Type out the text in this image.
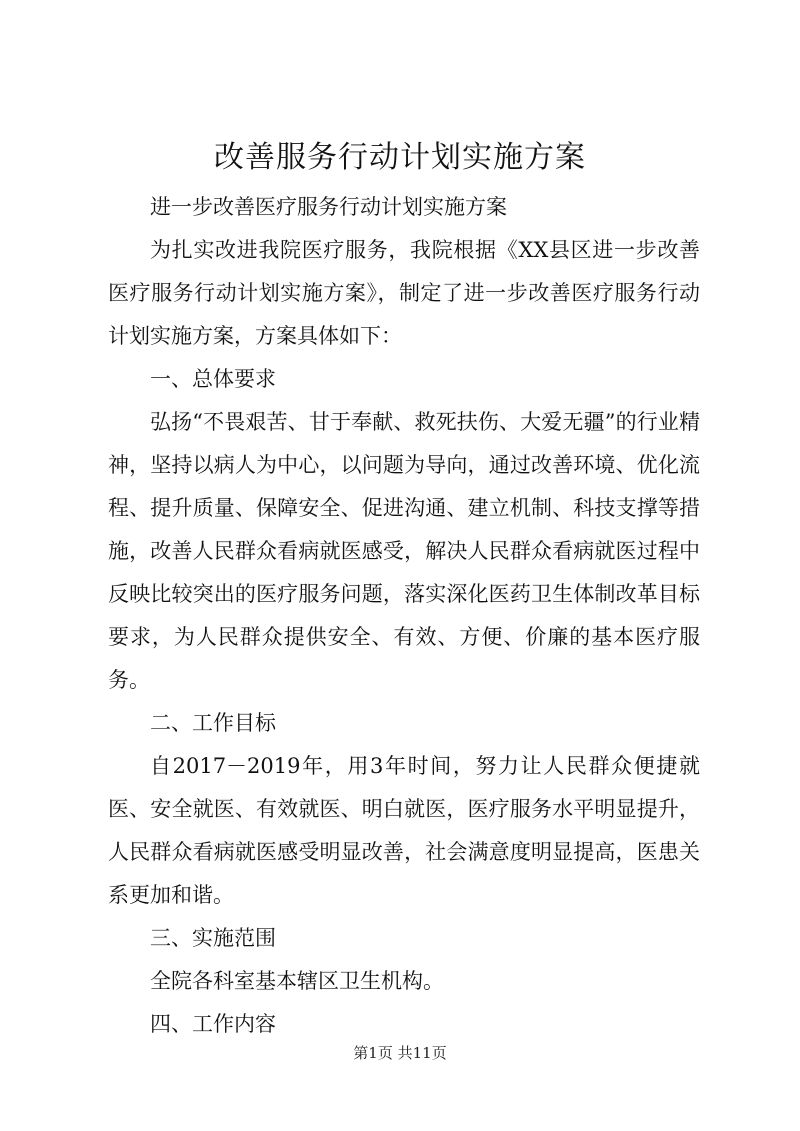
改善服务行动计划实施方案

进一步改善医疗服务行动计划实施方案

为扎实改进我院医疗服务，我院根据《XX县区进一步改善医疗服务行动计划实施方案》，制定了进一步改善医疗服务行动计划实施方案，方案具体如下：

一、总体要求

弘扬“不畏艰苦、甘于奉献、救死扶伤、大爱无疆”的行业精神，坚持以病人为中心，以问题为导向，通过改善环境、优化流程、提升质量、保障安全、促进沟通、建立机制、科技支撑等措施，改善人民群众看病就医感受，解决人民群众看病就医过程中反映比较突出的医疗服务问题，落实深化医药卫生体制改革目标要求，为人民群众提供安全、有效、方便、价廉的基本医疗服务。

二、工作目标

自2017－2019年，用3年时间，努力让人民群众便捷就医、安全就医、有效就医、明白就医，医疗服务水平明显提升，人民群众看病就医感受明显改善，社会满意度明显提高，医患关系更加和谐。

三、实施范围

全院各科室基本辖区卫生机构。

四、工作内容

第1页 共11页
